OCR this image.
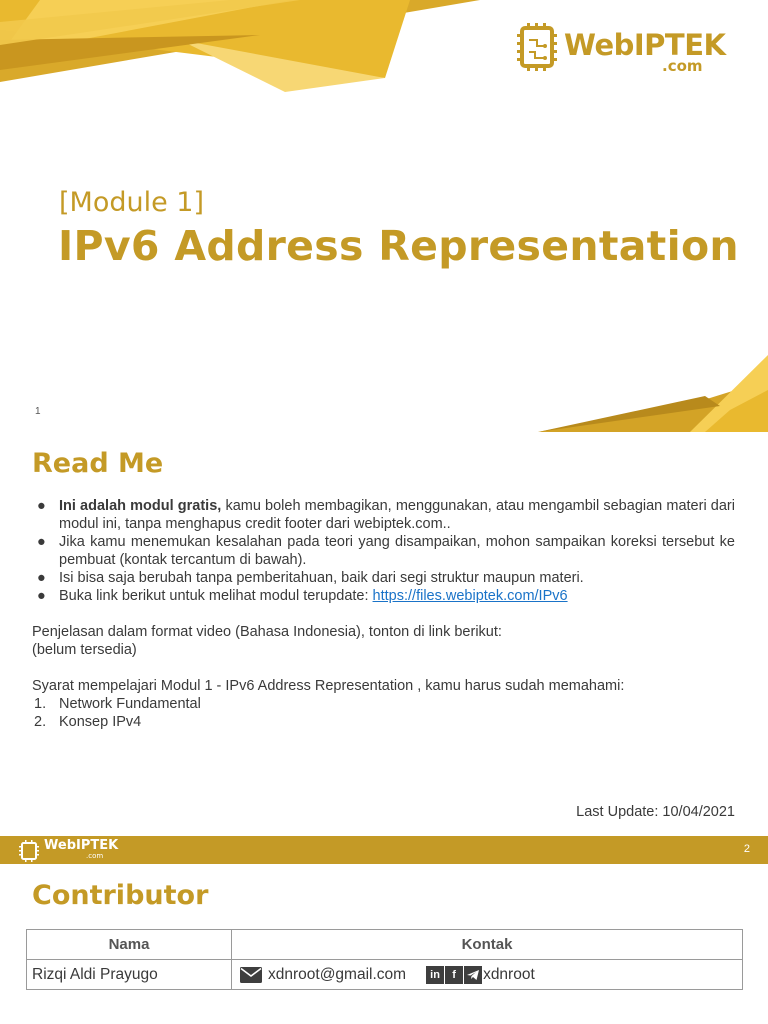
WebIPTEK
.com
[Module 1]
IPv6 Address Representation
1
Read Me
● Ini adalah modul gratis, kamu boleh membagikan, menggunakan, atau mengambil sebagian materi dari modul ini, tanpa menghapus credit footer dari webiptek.com..
● Jika kamu menemukan kesalahan pada teori yang disampaikan, mohon sampaikan koreksi tersebut ke pembuat (kontak tercantum di bawah).
● Isi bisa saja berubah tanpa pemberitahuan, baik dari segi struktur maupun materi.
● Buka link berikut untuk melihat modul terupdate: https://files.webiptek.com/IPv6

Penjelasan dalam format video (Bahasa Indonesia), tonton di link berikut:

(belum tersedia)

Syarat mempelajari Modul 1 - IPv6 Address Representation , kamu harus sudah memahami:

1. Network Fundamental
2. Konsep IPv4
Last Update: 10/04/2021
WebIPTEK
.com
2
Contributor
Nama	Kontak
Rizqi Aldi Prayugo	xdnroot@gmail.com in f xdnroot
